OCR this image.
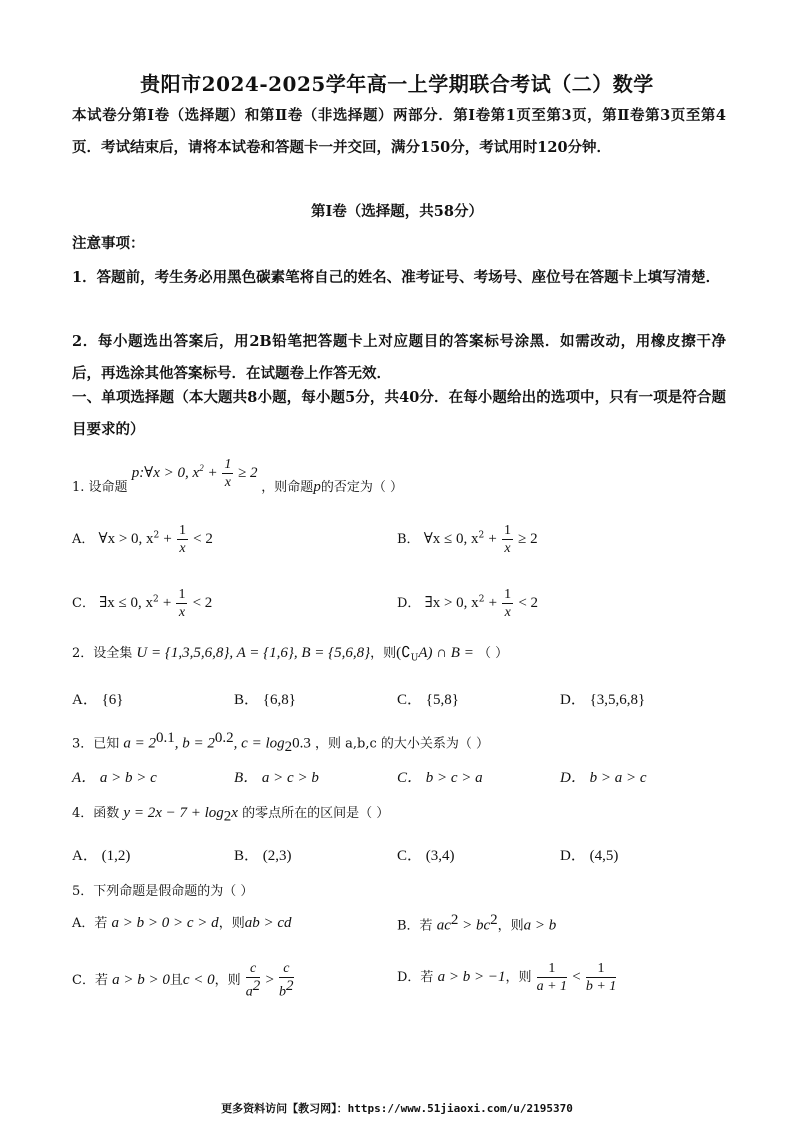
贵阳市2024-2025学年高一上学期联合考试（二）数学
本试卷分第Ⅰ卷（选择题）和第Ⅱ卷（非选择题）两部分．第Ⅰ卷第1页至第3页，第Ⅱ卷第3页至第4页．考试结束后，请将本试卷和答题卡一并交回，满分150分，考试用时120分钟．
第Ⅰ卷（选择题，共58分）
注意事项：
1．答题前，考生务必用黑色碳素笔将自己的姓名、准考证号、考场号、座位号在答题卡上填写清楚．
2．每小题选出答案后，用2B铅笔把答题卡上对应题目的答案标号涂黑．如需改动，用橡皮擦干净后，再选涂其他答案标号．在试题卷上作答无效．
一、单项选择题（本大题共8小题，每小题5分，共40分．在每小题给出的选项中，只有一项是符合题目要求的）
1. 设命题 p:∀x > 0, $x^2 + \frac{1}{x} \ge 2$ ，则命题p的否定为（ ）
A． ∀x > 0, $x^2 + \frac{1}{x} < 2$	B． ∀x ≤ 0, $x^2 + \frac{1}{x} \ge 2$
C． ∃x ≤ 0, $x^2 + \frac{1}{x} < 2$	D． ∃x > 0, $x^2 + \frac{1}{x} < 2$
2．设全集 U = {1,3,5,6,8}, A = {1,6}, B = {5,6,8}，则$(∁_UA)$ ∩ B = （ ）
A． {6}	B． {6,8}	C． {5,8}	D． {3,5,6,8}
3．已知 $a = 2^{0.1}$, $b = 2^{0.2}$, $c = \log_20.3$ ，则 a,b,c 的大小关系为（ ）
A． a > b > c	B． a > c > b	C． b > c > a	D． b > a > c
4．函数 $y = 2x - 7 + \log_2x$ 的零点所在的区间是（ ）
A． (1,2)	B． (2,3)	C． (3,4)	D． (4,5)
5．下列命题是假命题的为（ ）
A．若 a > b > 0 > c > d，则ab > cd	B．若 $ac^2 > bc^2$，则a > b
C．若 a > b > 0且c < 0，则 $\frac{c}{a^2} > \frac{c}{b^2}$	D．若 a > b > −1，则 $\frac{1}{a + 1} < \frac{1}{b + 1}$
更多资料访问【教习网】：https://www.51jiaoxi.com/u/2195370
